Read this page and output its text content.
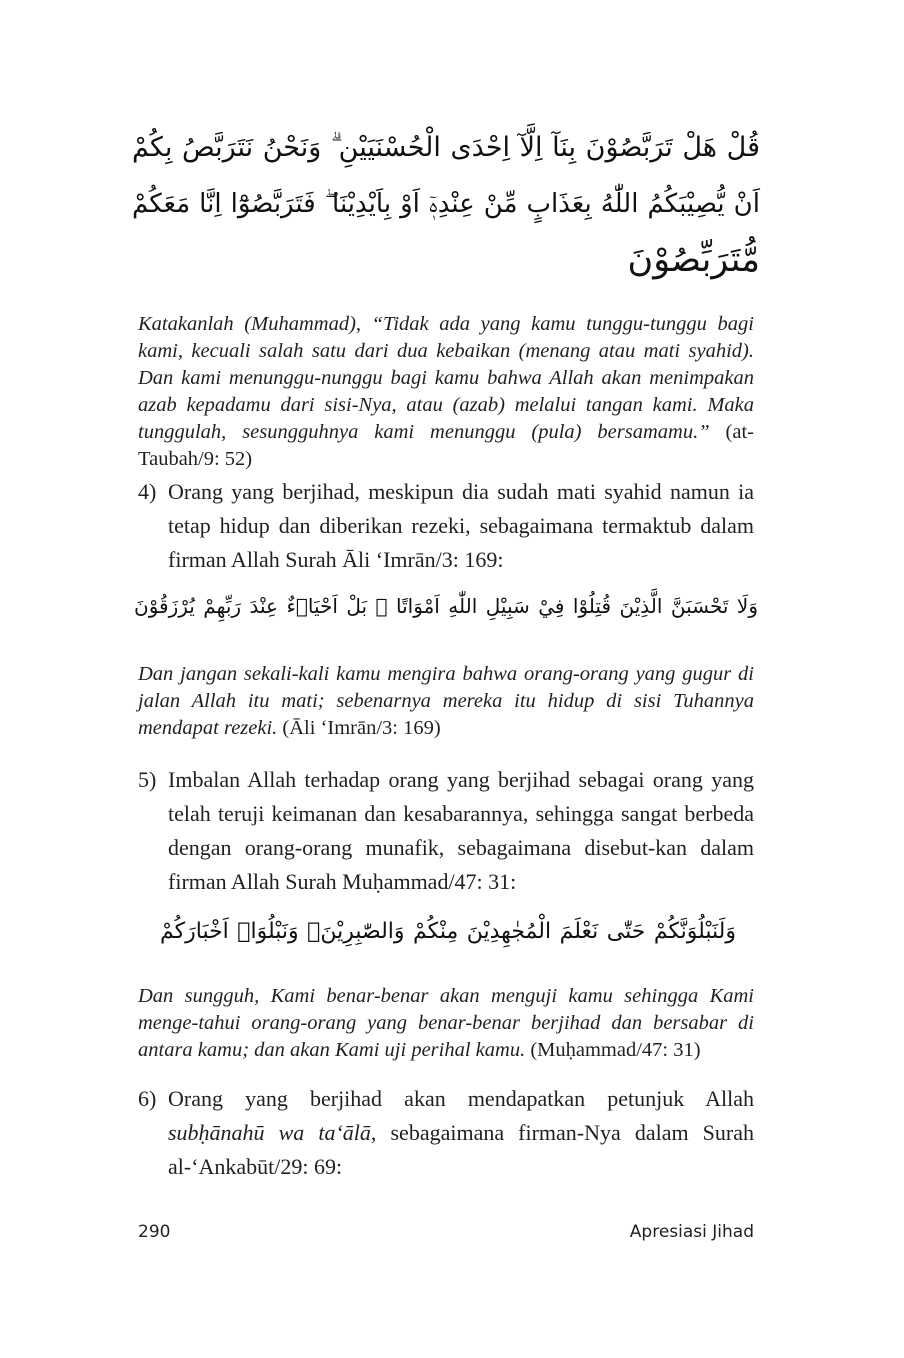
قُلْ هَلْ تَرَبَّصُوْنَ بِنَآ اِلَّآ اِحْدَى الْحُسْنَيَيْنِ ۗ وَنَحْنُ نَتَرَبَّصُ بِكُمْ
اَنْ يُّصِيْبَكُمُ اللّٰهُ بِعَذَابٍ مِّنْ عِنْدِهٖٓ اَوْ بِاَيْدِيْنَا ۖ فَتَرَبَّصُوْٓا اِنَّا مَعَكُمْ
مُّتَرَبِّصُوْنَ
Katakanlah (Muhammad), “Tidak ada yang kamu tunggu-tunggu bagi kami, kecuali salah satu dari dua kebaikan (menang atau mati syahid). Dan kami menunggu-nunggu bagi kamu bahwa Allah akan menimpakan azab kepadamu dari sisi-Nya, atau (azab) melalui tangan kami. Maka tunggulah, sesungguhnya kami menunggu (pula) bersamamu.” (at-Taubah/9: 52)
4) Orang yang berjihad, meskipun dia sudah mati syahid namun ia tetap hidup dan diberikan rezeki, sebagaimana termaktub dalam firman Allah Surah Āli ‘Imrān/3: 169:
وَلَا تَحْسَبَنَّ الَّذِيْنَ قُتِلُوْا فِيْ سَبِيْلِ اللّٰهِ اَمْوَاتًا ۗ بَلْ اَحْيَاۤءٌ عِنْدَ رَبِّهِمْ يُرْزَقُوْنَ
Dan jangan sekali-kali kamu mengira bahwa orang-orang yang gugur di jalan Allah itu mati; sebenarnya mereka itu hidup di sisi Tuhannya mendapat rezeki. (Āli ‘Imrān/3: 169)
5) Imbalan Allah terhadap orang yang berjihad sebagai orang yang telah teruji keimanan dan kesabarannya, sehingga sangat berbeda dengan orang-orang munafik, sebagaimana disebut-kan dalam firman Allah Surah Muḥammad/47: 31:
وَلَنَبْلُوَنَّكُمْ حَتّٰى نَعْلَمَ الْمُجٰهِدِيْنَ مِنْكُمْ وَالصّٰبِرِيْنَۙ وَنَبْلُوَا۟ اَخْبَارَكُمْ
Dan sungguh, Kami benar-benar akan menguji kamu sehingga Kami menge-tahui orang-orang yang benar-benar berjihad dan bersabar di antara kamu; dan akan Kami uji perihal kamu. (Muḥammad/47: 31)
6) Orang yang berjihad akan mendapatkan petunjuk Allah subḥānahū wa ta‘ālā, sebagaimana firman-Nya dalam Surah al-‘Ankabūt/29: 69:
290	Apresiasi Jihad
